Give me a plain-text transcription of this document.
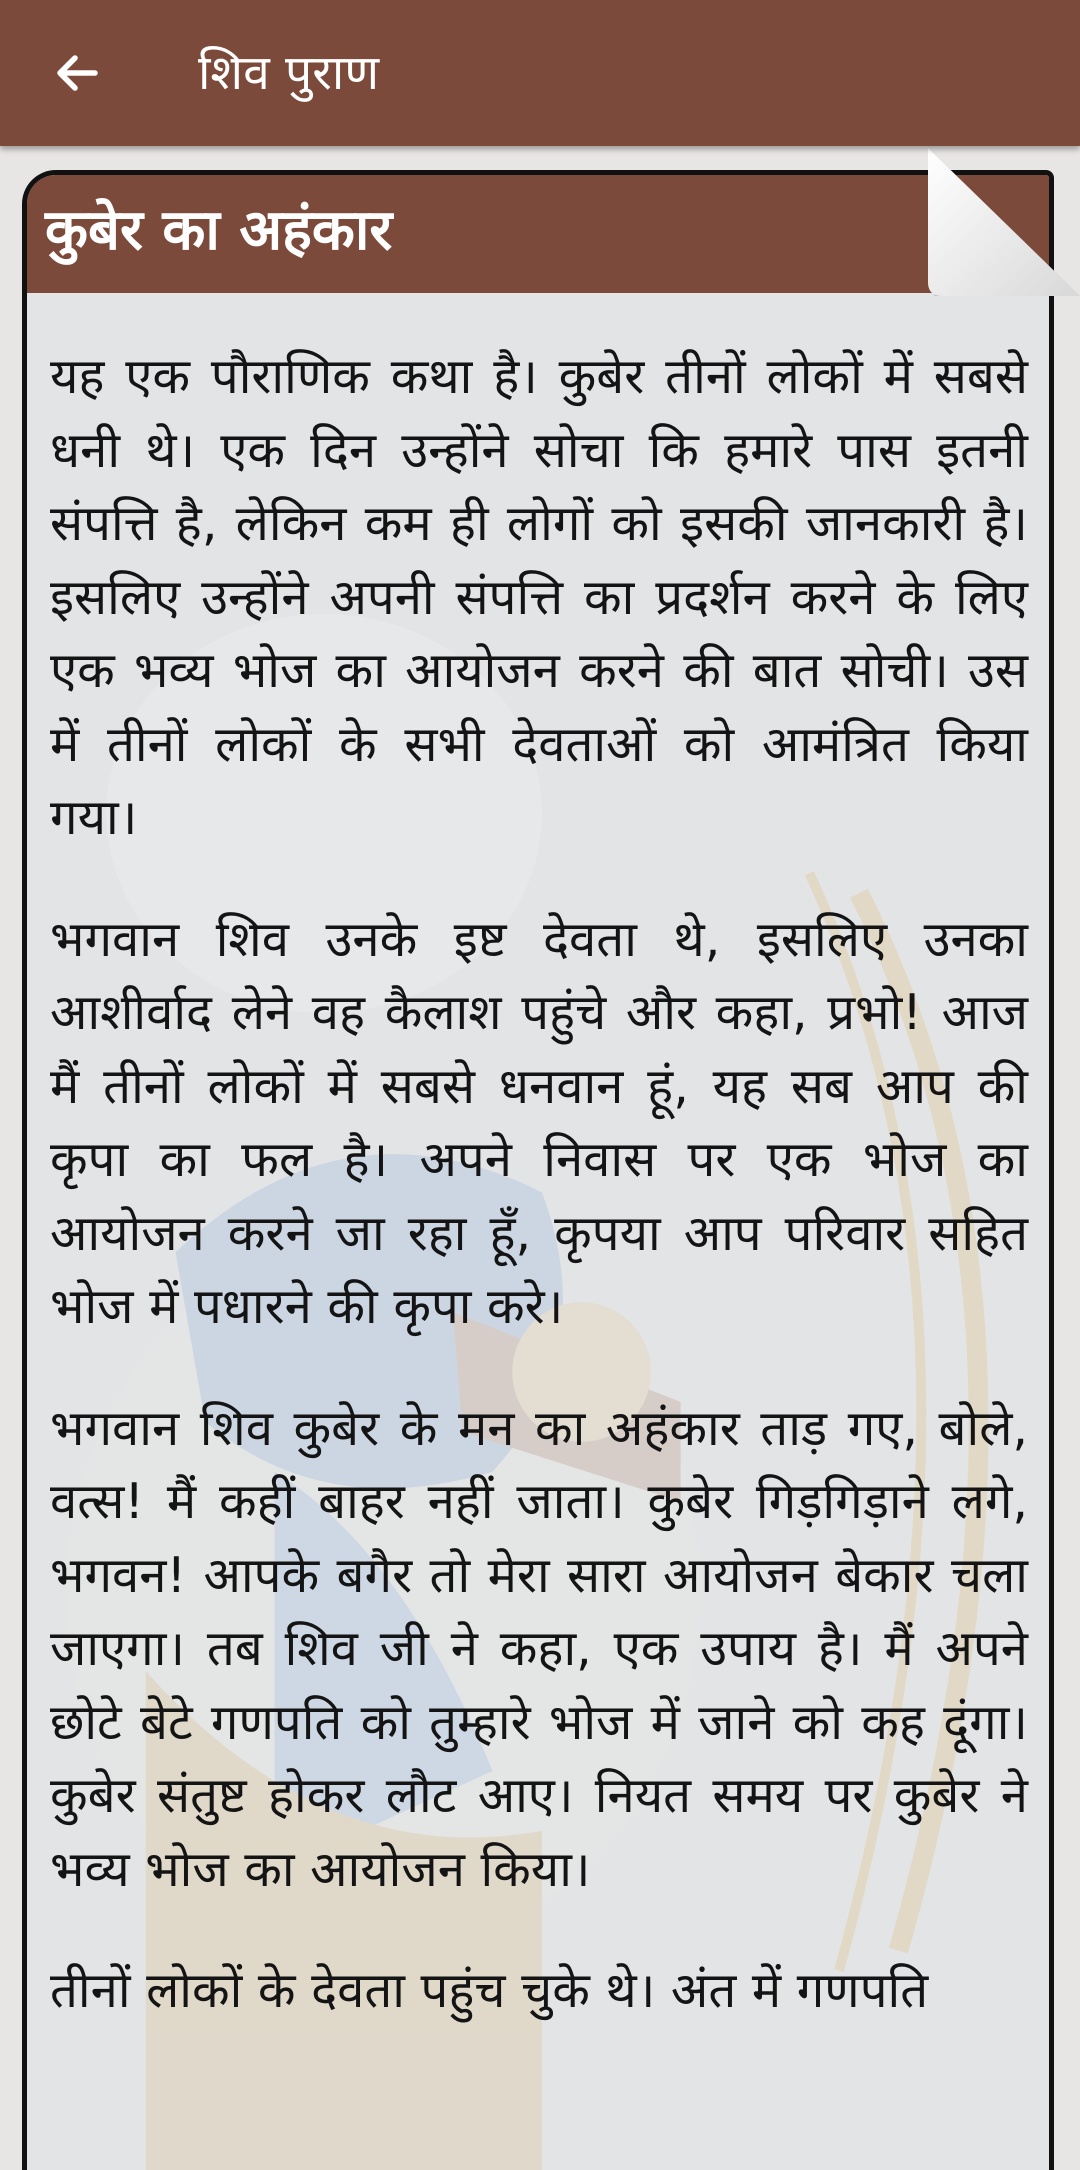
शिव पुराण
कुबेर का अहंकार

यह एक पौराणिक कथा है। कुबेर तीनों लोकों में सबसे धनी थे। एक दिन उन्होंने सोचा कि हमारे पास इतनी संपत्ति है, लेकिन कम ही लोगों को इसकी जानकारी है। इसलिए उन्होंने अपनी संपत्ति का प्रदर्शन करने के लिए एक भव्य भोज का आयोजन करने की बात सोची। उस में तीनों लोकों के सभी देवताओं को आमंत्रित किया गया।

भगवान शिव उनके इष्ट देवता थे, इसलिए उनका आशीर्वाद लेने वह कैलाश पहुंचे और कहा, प्रभो! आज मैं तीनों लोकों में सबसे धनवान हूं, यह सब आप की कृपा का फल है। अपने निवास पर एक भोज का आयोजन करने जा रहा हूँ, कृपया आप परिवार सहित भोज में पधारने की कृपा करे।

भगवान शिव कुबेर के मन का अहंकार ताड़ गए, बोले, वत्स! मैं कहीं बाहर नहीं जाता। कुबेर गिड़गिड़ाने लगे, भगवन! आपके बगैर तो मेरा सारा आयोजन बेकार चला जाएगा। तब शिव जी ने कहा, एक उपाय है। मैं अपने छोटे बेटे गणपति को तुम्हारे भोज में जाने को कह दूंगा। कुबेर संतुष्ट होकर लौट आए। नियत समय पर कुबेर ने भव्य भोज का आयोजन किया।

तीनों लोकों के देवता पहुंच चुके थे। अंत में गणपति
